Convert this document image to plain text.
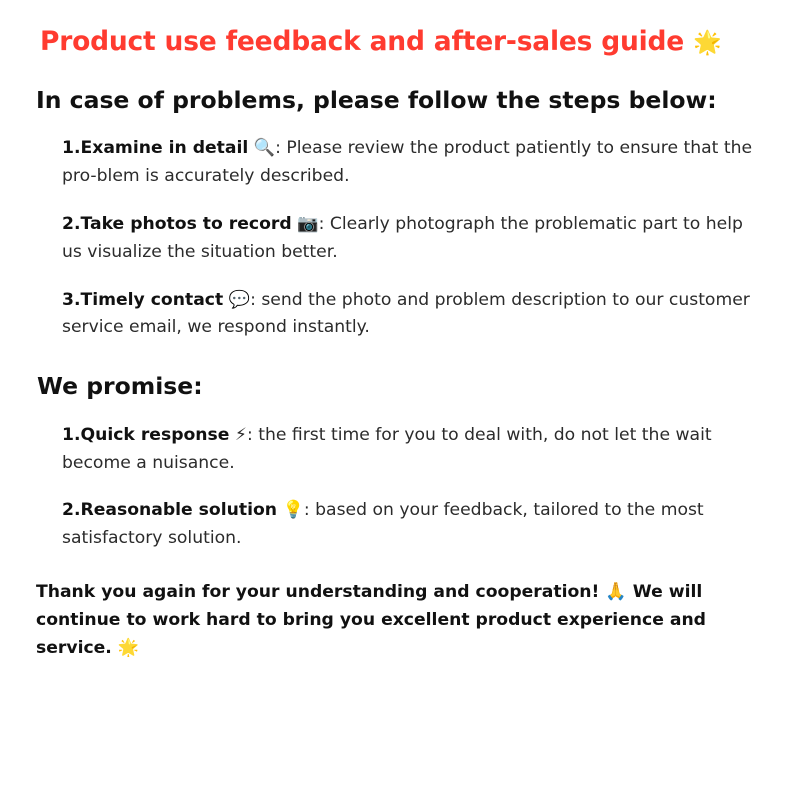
Product use feedback and after-sales guide 🌟
In case of problems, please follow the steps below:

1.Examine in detail 🔍: Please review the product patiently to ensure that the pro-blem is accurately described.

2.Take photos to record 📷: Clearly photograph the problematic part to help us visualize the situation better.

3.Timely contact 💬: send the photo and problem description to our customer service email, we respond instantly.

We promise:

1.Quick response ⚡: the first time for you to deal with, do not let the wait become a nuisance.

2.Reasonable solution 💡: based on your feedback, tailored to the most satisfactory solution.

Thank you again for your understanding and cooperation! 🙏 We will continue to work hard to bring you excellent product experience and service. 🌟
